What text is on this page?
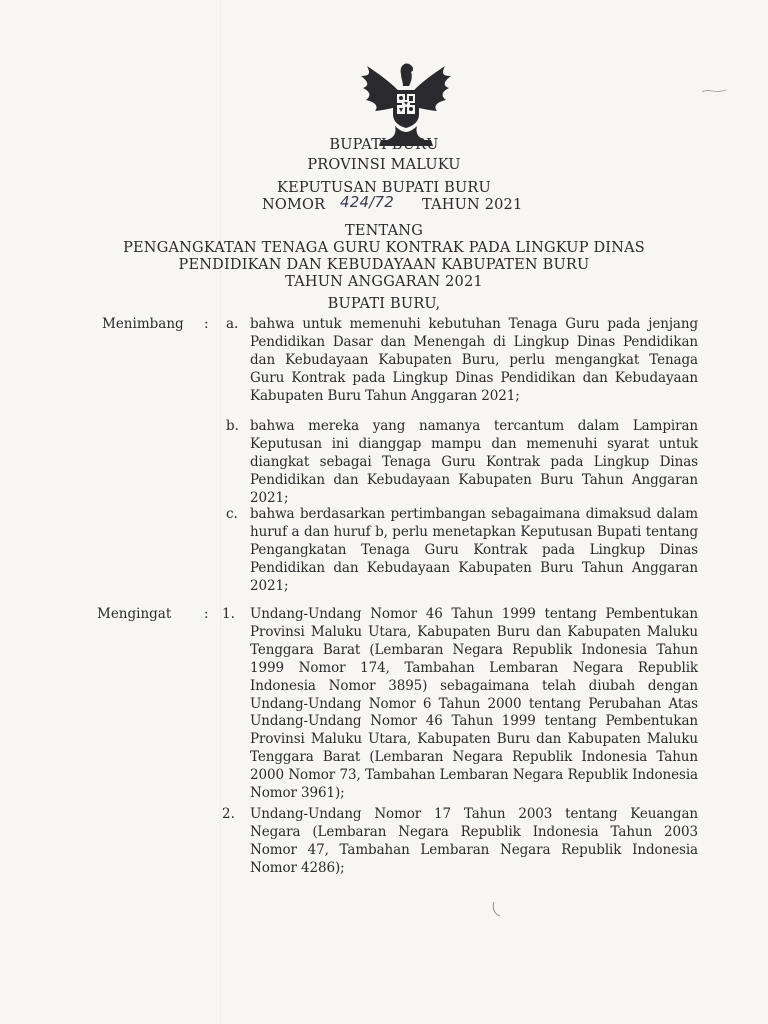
BUPATI BURU
PROVINSI MALUKU
KEPUTUSAN BUPATI BURU
NOMOR 424/72 TAHUN 2021
TENTANG
PENGANGKATAN TENAGA GURU KONTRAK PADA LINGKUP DINAS
PENDIDIKAN DAN KEBUDAYAAN KABUPATEN BURU
TAHUN ANGGARAN 2021
BUPATI BURU,
Menimbang : a. bahwa untuk memenuhi kebutuhan Tenaga Guru pada jenjang Pendidikan Dasar dan Menengah di Lingkup Dinas Pendidikan dan Kebudayaan Kabupaten Buru, perlu mengangkat Tenaga Guru Kontrak pada Lingkup Dinas Pendidikan dan Kebudayaan Kabupaten Buru Tahun Anggaran 2021;
b. bahwa mereka yang namanya tercantum dalam Lampiran Keputusan ini dianggap mampu dan memenuhi syarat untuk diangkat sebagai Tenaga Guru Kontrak pada Lingkup Dinas Pendidikan dan Kebudayaan Kabupaten Buru Tahun Anggaran 2021;
c. bahwa berdasarkan pertimbangan sebagaimana dimaksud dalam huruf a dan huruf b, perlu menetapkan Keputusan Bupati tentang Pengangkatan Tenaga Guru Kontrak pada Lingkup Dinas Pendidikan dan Kebudayaan Kabupaten Buru Tahun Anggaran 2021;
Mengingat : 1. Undang-Undang Nomor 46 Tahun 1999 tentang Pembentukan Provinsi Maluku Utara, Kabupaten Buru dan Kabupaten Maluku Tenggara Barat (Lembaran Negara Republik Indonesia Tahun 1999 Nomor 174, Tambahan Lembaran Negara Republik Indonesia Nomor 3895) sebagaimana telah diubah dengan Undang-Undang Nomor 6 Tahun 2000 tentang Perubahan Atas Undang-Undang Nomor 46 Tahun 1999 tentang Pembentukan Provinsi Maluku Utara, Kabupaten Buru dan Kabupaten Maluku Tenggara Barat (Lembaran Negara Republik Indonesia Tahun 2000 Nomor 73, Tambahan Lembaran Negara Republik Indonesia Nomor 3961);
2. Undang-Undang Nomor 17 Tahun 2003 tentang Keuangan Negara (Lembaran Negara Republik Indonesia Tahun 2003 Nomor 47, Tambahan Lembaran Negara Republik Indonesia Nomor 4286);
